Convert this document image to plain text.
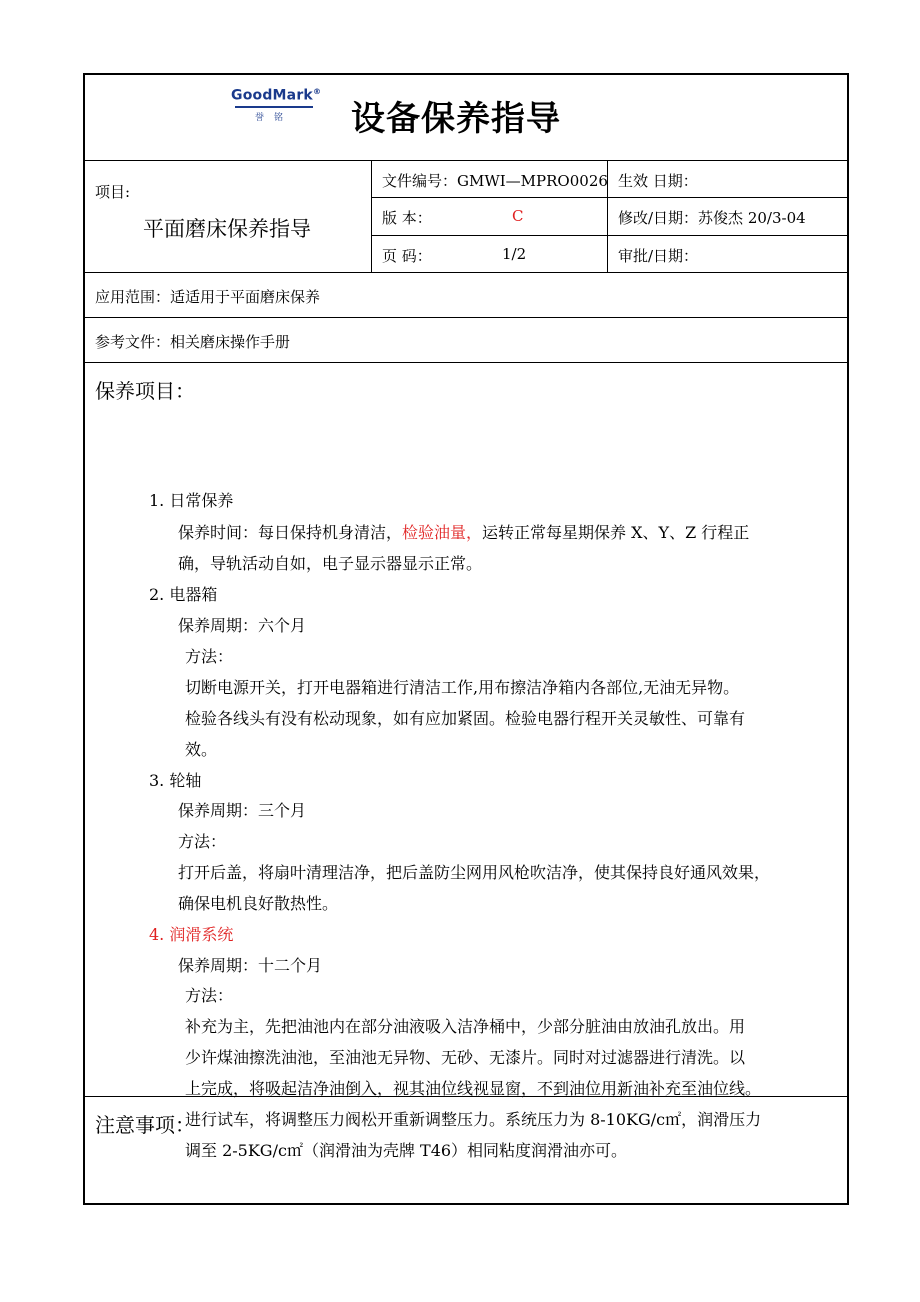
GoodMark®
誉铭	设备保养指导
项目:
平面磨床保养指导
文件编号：GMWI—MPRO0026 生效 日期：
版 本：	C	修改/日期：苏俊杰 20/3-04
页 码：	1/2	审批/日期：
应用范围：适适用于平面磨床保养
参考文件：相关磨床操作手册
保养项目：
1. 日常保养
保养时间：每日保持机身清洁，检验油量，运转正常每星期保养 X、Y、Z 行程正
确，导轨活动自如，电子显示器显示正常。
2. 电器箱
保养周期：六个月
方法：
切断电源开关，打开电器箱进行清洁工作,用布擦洁净箱内各部位,无油无异物。
检验各线头有没有松动现象，如有应加紧固。检验电器行程开关灵敏性、可靠有
效。
3. 轮轴
保养周期：三个月
方法：
打开后盖，将扇叶清理洁净，把后盖防尘网用风枪吹洁净，使其保持良好通风效果，
确保电机良好散热性。
4. 润滑系统
保养周期：十二个月
方法：
补充为主，先把油池内在部分油液吸入洁净桶中，少部分脏油由放油孔放出。用
少许煤油擦洗油池，至油池无异物、无砂、无漆片。同时对过滤器进行清洗。以
上完成，将吸起洁净油倒入，视其油位线视显窗，不到油位用新油补充至油位线。
进行试车，将调整压力阀松开重新调整压力。系统压力为 8-10KG/c㎡，润滑压力
调至 2-5KG/c㎡（润滑油为壳牌 T46）相同粘度润滑油亦可。
注意事项：
